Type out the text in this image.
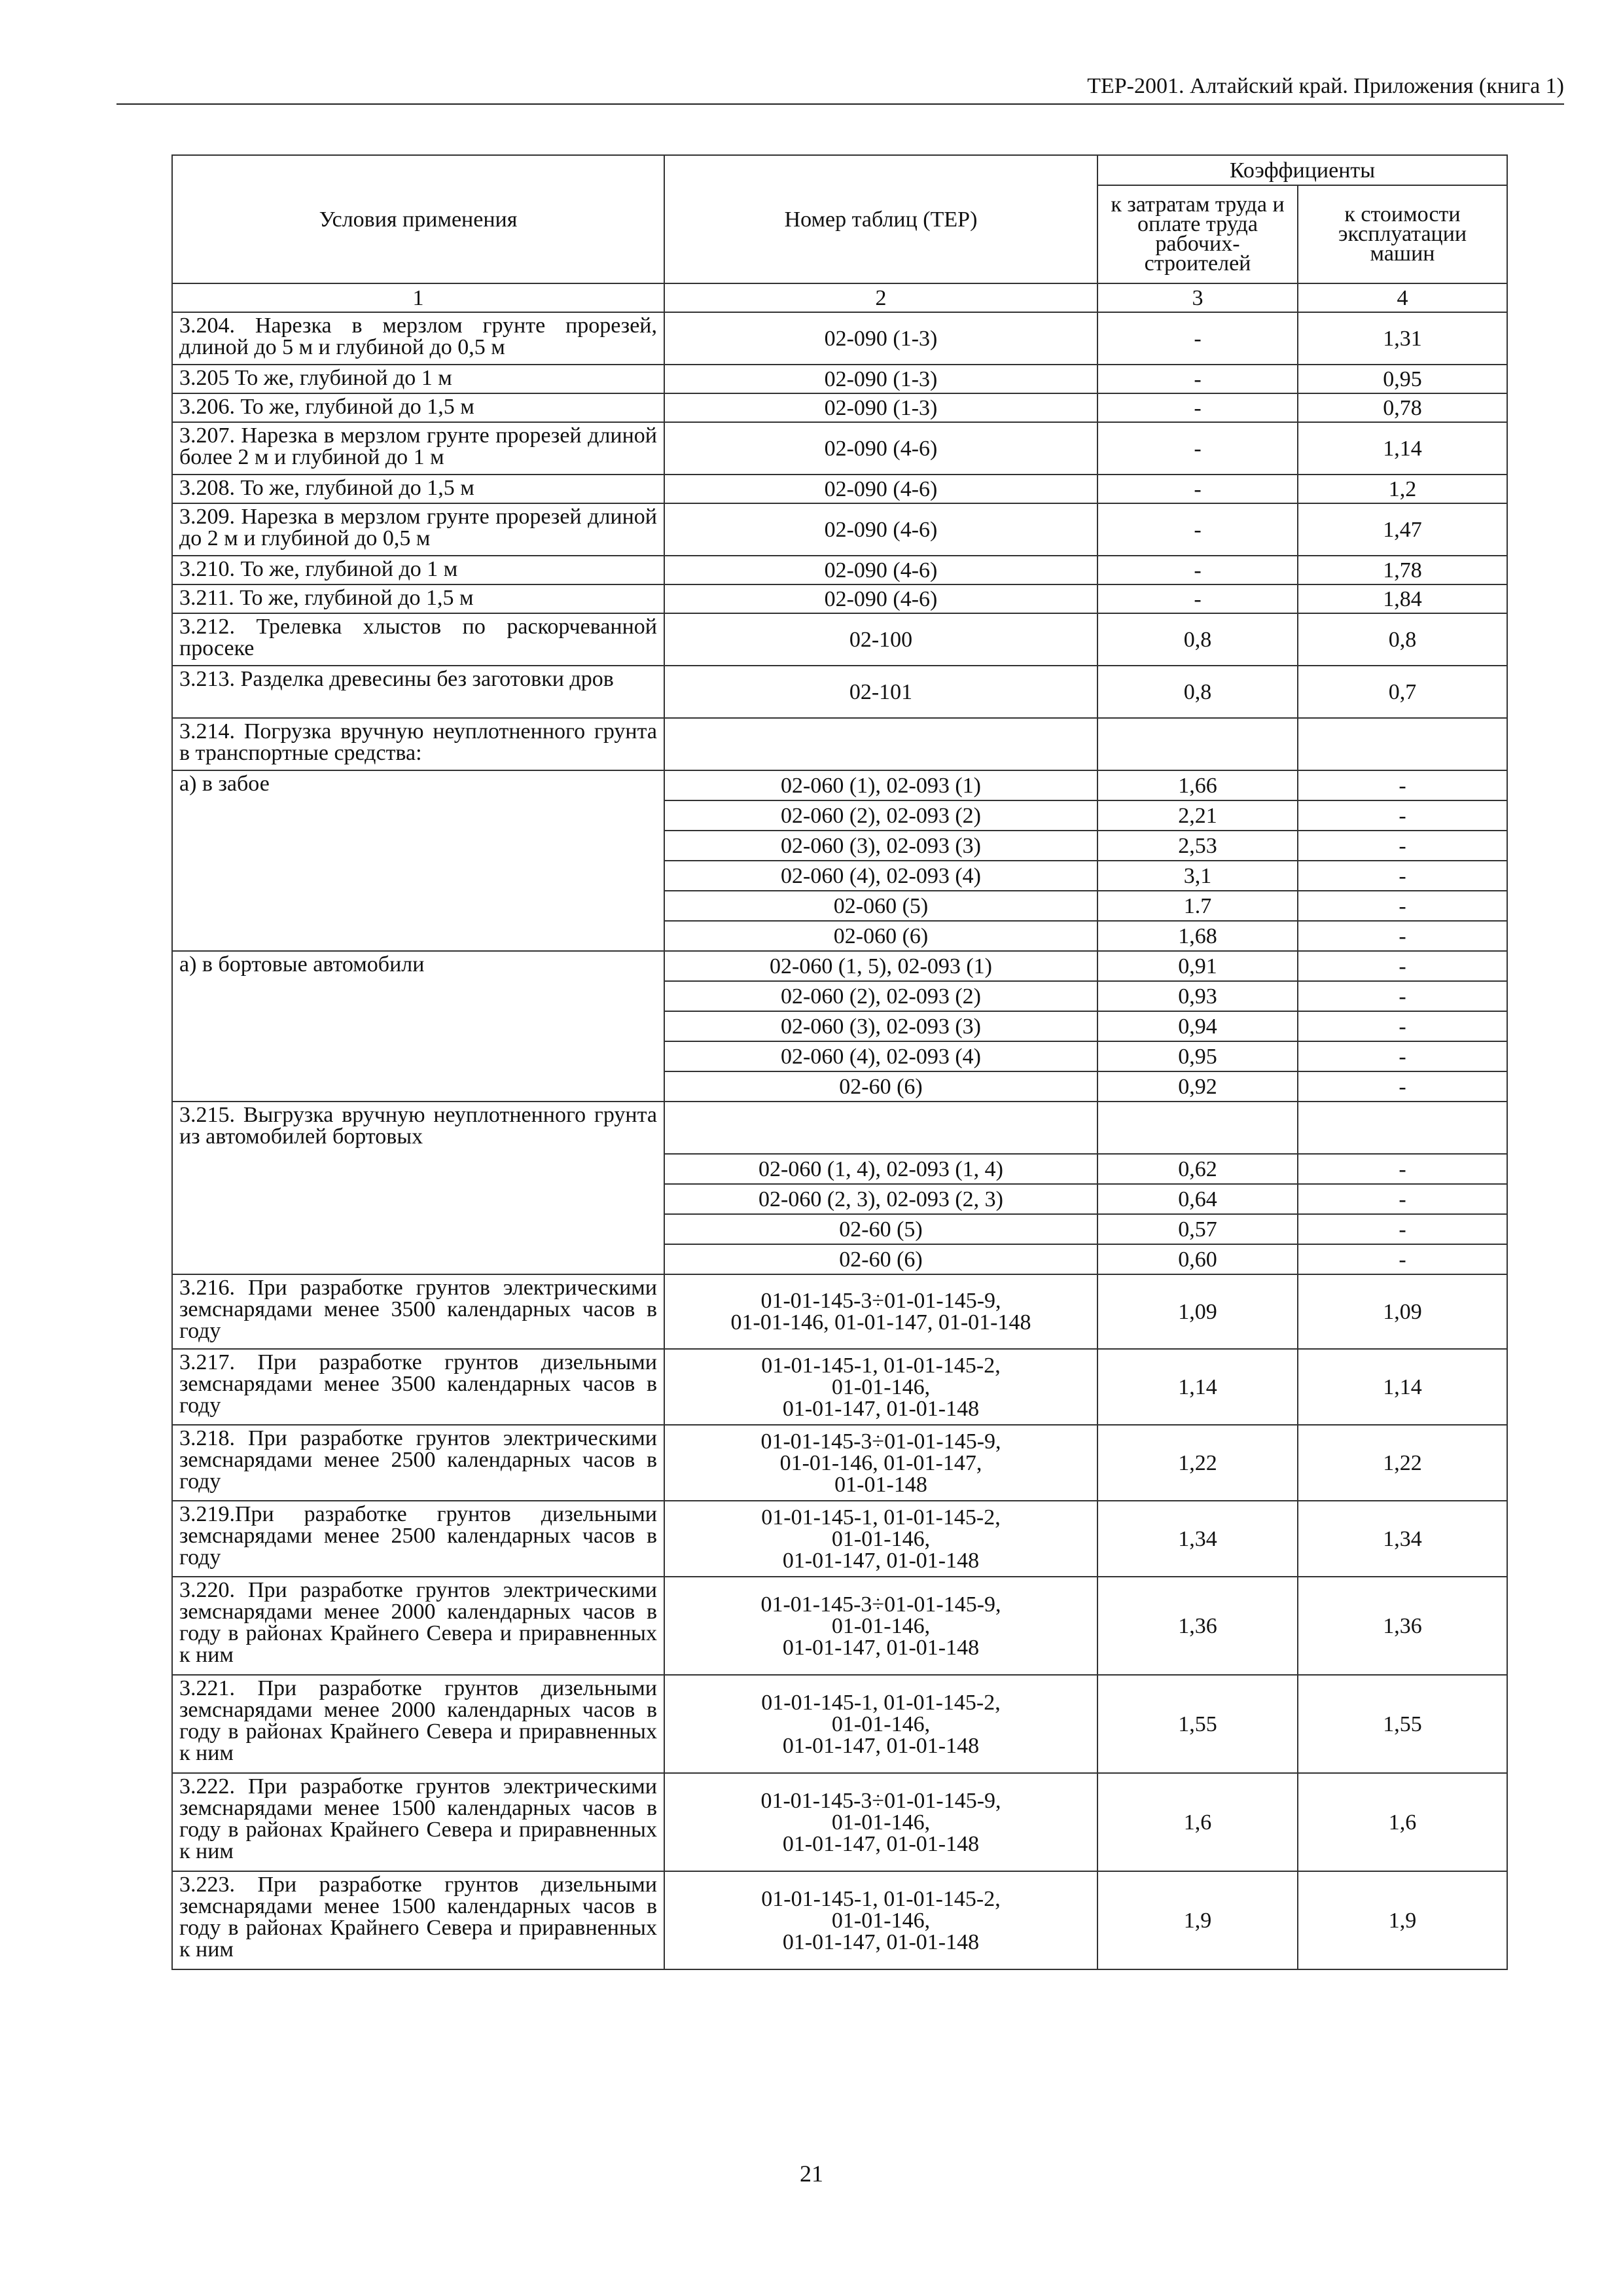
ТЕР-2001. Алтайский край. Приложения (книга 1)
Условия применения	Номер таблиц (ТЕР)	Коэффициенты	
		к затратам труда и оплате труда рабочих-строителей	к стоимости эксплуатации машин
1	2	3	4
3.204. Нарезка в мерзлом грунте прорезей, длиной до 5 м и глубиной до 0,5 м	02-090 (1-3)	-	1,31
3.205 То же, глубиной до 1 м	02-090 (1-3)	-	0,95
3.206. То же, глубиной до 1,5 м	02-090 (1-3)	-	0,78
3.207. Нарезка в мерзлом грунте прорезей длиной более 2 м и глубиной до 1 м	02-090 (4-6)	-	1,14
3.208. То же, глубиной до 1,5 м	02-090 (4-6)	-	1,2
3.209. Нарезка в мерзлом грунте прорезей длиной до 2 м и глубиной до 0,5 м	02-090 (4-6)	-	1,47
3.210. То же, глубиной до 1 м	02-090 (4-6)	-	1,78
3.211. То же, глубиной до 1,5 м	02-090 (4-6)	-	1,84
3.212. Трелевка хлыстов по раскорчеванной просеке	02-100	0,8	0,8
3.213. Разделка древесины без заготовки дров	02-101	0,8	0,7
3.214. Погрузка вручную неуплотненного грунта в транспортные средства:			
а) в забое	02-060 (1), 02-093 (1)	1,66	-
	02-060 (2), 02-093 (2)	2,21	-
	02-060 (3), 02-093 (3)	2,53	-
	02-060 (4), 02-093 (4)	3,1	-
	02-060 (5)	1.7	-
	02-060 (6)	1,68	-
а) в бортовые автомобили	02-060 (1, 5), 02-093 (1)	0,91	-
	02-060 (2), 02-093 (2)	0,93	-
	02-060 (3), 02-093 (3)	0,94	-
	02-060 (4), 02-093 (4)	0,95	-
	02-60 (6)	0,92	-
3.215. Выгрузка вручную неуплотненного грунта из автомобилей бортовых			
	02-060 (1, 4), 02-093 (1, 4)	0,62	-
	02-060 (2, 3), 02-093 (2, 3)	0,64	-
	02-60 (5)	0,57	-
	02-60 (6)	0,60	-
3.216. При разработке грунтов электрическими земснарядами менее 3500 календарных часов в году	01-01-145-3÷01-01-145-9,
01-01-146, 01-01-147, 01-01-148	1,09	1,09
3.217. При разработке грунтов дизельными земснарядами менее 3500 календарных часов в году	01-01-145-1, 01-01-145-2,
01-01-146,
01-01-147, 01-01-148	1,14	1,14
3.218. При разработке грунтов электрическими земснарядами менее 2500 календарных часов в году	01-01-145-3÷01-01-145-9,
01-01-146, 01-01-147,
01-01-148	1,22	1,22
3.219.При разработке грунтов дизельными земснарядами менее 2500 календарных часов в году	01-01-145-1, 01-01-145-2,
01-01-146,
01-01-147, 01-01-148	1,34	1,34
3.220. При разработке грунтов электрическими земснарядами менее 2000 календарных часов в году в районах Крайнего Севера и приравненных к ним	01-01-145-3÷01-01-145-9,
01-01-146,
01-01-147, 01-01-148	1,36	1,36
3.221. При разработке грунтов дизельными земснарядами менее 2000 календарных часов в году в районах Крайнего Севера и приравненных к ним	01-01-145-1, 01-01-145-2,
01-01-146,
01-01-147, 01-01-148	1,55	1,55
3.222. При разработке грунтов электрическими земснарядами менее 1500 календарных часов в году в районах Крайнего Севера и приравненных к ним	01-01-145-3÷01-01-145-9,
01-01-146,
01-01-147, 01-01-148	1,6	1,6
3.223. При разработке грунтов дизельными земснарядами менее 1500 календарных часов в году в районах Крайнего Севера и приравненных к ним	01-01-145-1, 01-01-145-2,
01-01-146,
01-01-147, 01-01-148	1,9	1,9
21
